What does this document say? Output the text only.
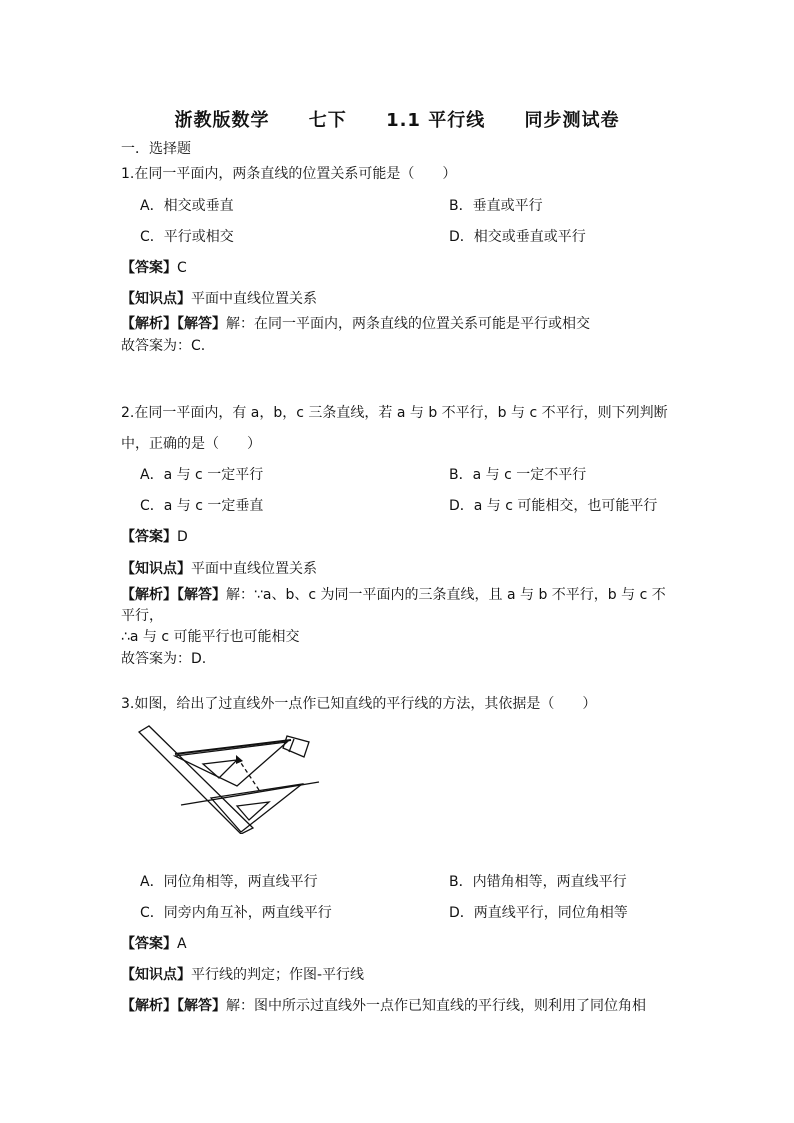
浙教版数学 七下 1.1 平行线 同步测试卷
一．选择题
1.在同一平面内，两条直线的位置关系可能是（　　）
A．相交或垂直	B．垂直或平行
C．平行或相交	D．相交或垂直或平行
【答案】C
【知识点】平面中直线位置关系
【解析】【解答】解：在同一平面内，两条直线的位置关系可能是平行或相交
故答案为：C.
2.在同一平面内，有 a，b，c 三条直线，若 a 与 b 不平行，b 与 c 不平行，则下列判断
中，正确的是（　　）
A．a 与 c 一定平行	B．a 与 c 一定不平行
C．a 与 c 一定垂直	D．a 与 c 可能相交，也可能平行
【答案】D
【知识点】平面中直线位置关系
【解析】【解答】解：∵a、b、c 为同一平面内的三条直线，且 a 与 b 不平行，b 与 c 不
平行，
∴a 与 c 可能平行也可能相交
故答案为：D.
3.如图，给出了过直线外一点作已知直线的平行线的方法，其依据是（　　）
A．同位角相等，两直线平行	B．内错角相等，两直线平行
C．同旁内角互补，两直线平行	D．两直线平行，同位角相等
【答案】A
【知识点】平行线的判定；作图-平行线
【解析】【解答】解：图中所示过直线外一点作已知直线的平行线，则利用了同位角相
